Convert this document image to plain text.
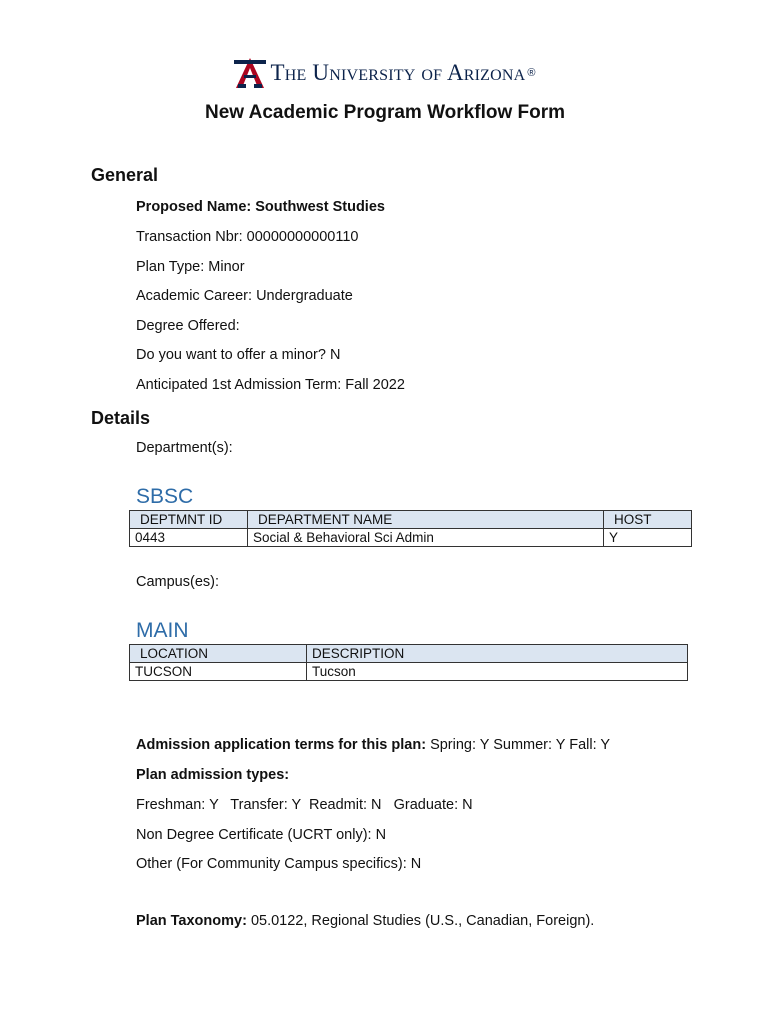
The University of Arizona ®
New Academic Program Workflow Form
General
Proposed Name: Southwest Studies
Transaction Nbr: 00000000000110
Plan Type: Minor
Academic Career: Undergraduate
Degree Offered:
Do you want to offer a minor? N
Anticipated 1st Admission Term: Fall 2022
Details
Department(s):
SBSC
DEPTMNT ID	DEPARTMENT NAME	HOST
0443	Social & Behavioral Sci Admin	Y
Campus(es):
MAIN
LOCATION	DESCRIPTION
TUCSON	Tucson
Admission application terms for this plan: Spring: Y Summer: Y Fall: Y
Plan admission types:
Freshman: Y   Transfer: Y  Readmit: N   Graduate: N
Non Degree Certificate (UCRT only): N
Other (For Community Campus specifics): N
Plan Taxonomy: 05.0122, Regional Studies (U.S., Canadian, Foreign).
